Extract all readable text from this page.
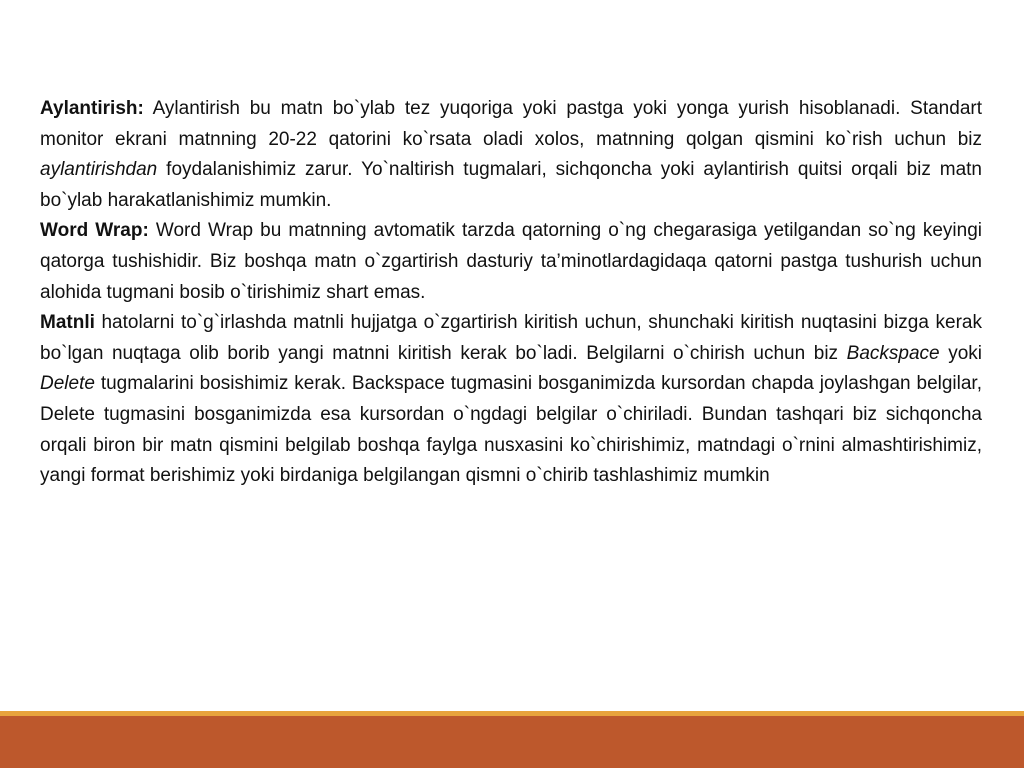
Aylantirish: Aylantirish bu matn bo`ylab tez yuqoriga yoki pastga yoki yonga yurish hisoblanadi. Standart monitor ekrani matnning 20-22 qatorini ko`rsata oladi xolos, matnning qolgan qismini ko`rish uchun biz aylantirishdan foydalanishimiz zarur. Yo`naltirish tugmalari, sichqoncha yoki aylantirish quitsi orqali biz matn bo`ylab harakatlanishimiz mumkin.

Word Wrap: Word Wrap bu matnning avtomatik tarzda qatorning o`ng chegarasiga yetilgandan so`ng keyingi qatorga tushishidir. Biz boshqa matn o`zgartirish dasturiy ta’minotlardagidaqa qatorni pastga tushurish uchun alohida tugmani bosib o`tirishimiz shart emas.

Matnli hatolarni to`g`irlashda matnli hujjatga o`zgartirish kiritish uchun, shunchaki kiritish nuqtasini bizga kerak bo`lgan nuqtaga olib borib yangi matnni kiritish kerak bo`ladi. Belgilarni o`chirish uchun biz Backspace yoki Delete tugmalarini bosishimiz kerak. Backspace tugmasini bosganimizda kursordan chapda joylashgan belgilar, Delete tugmasini bosganimizda esa kursordan o`ngdagi belgilar o`chiriladi. Bundan tashqari biz sichqoncha orqali biron bir matn qismini belgilab boshqa faylga nusxasini ko`chirishimiz, matndagi o`rnini almashtirishimiz, yangi format berishimiz yoki birdaniga belgilangan qismni o`chirib tashlashimiz mumkin
